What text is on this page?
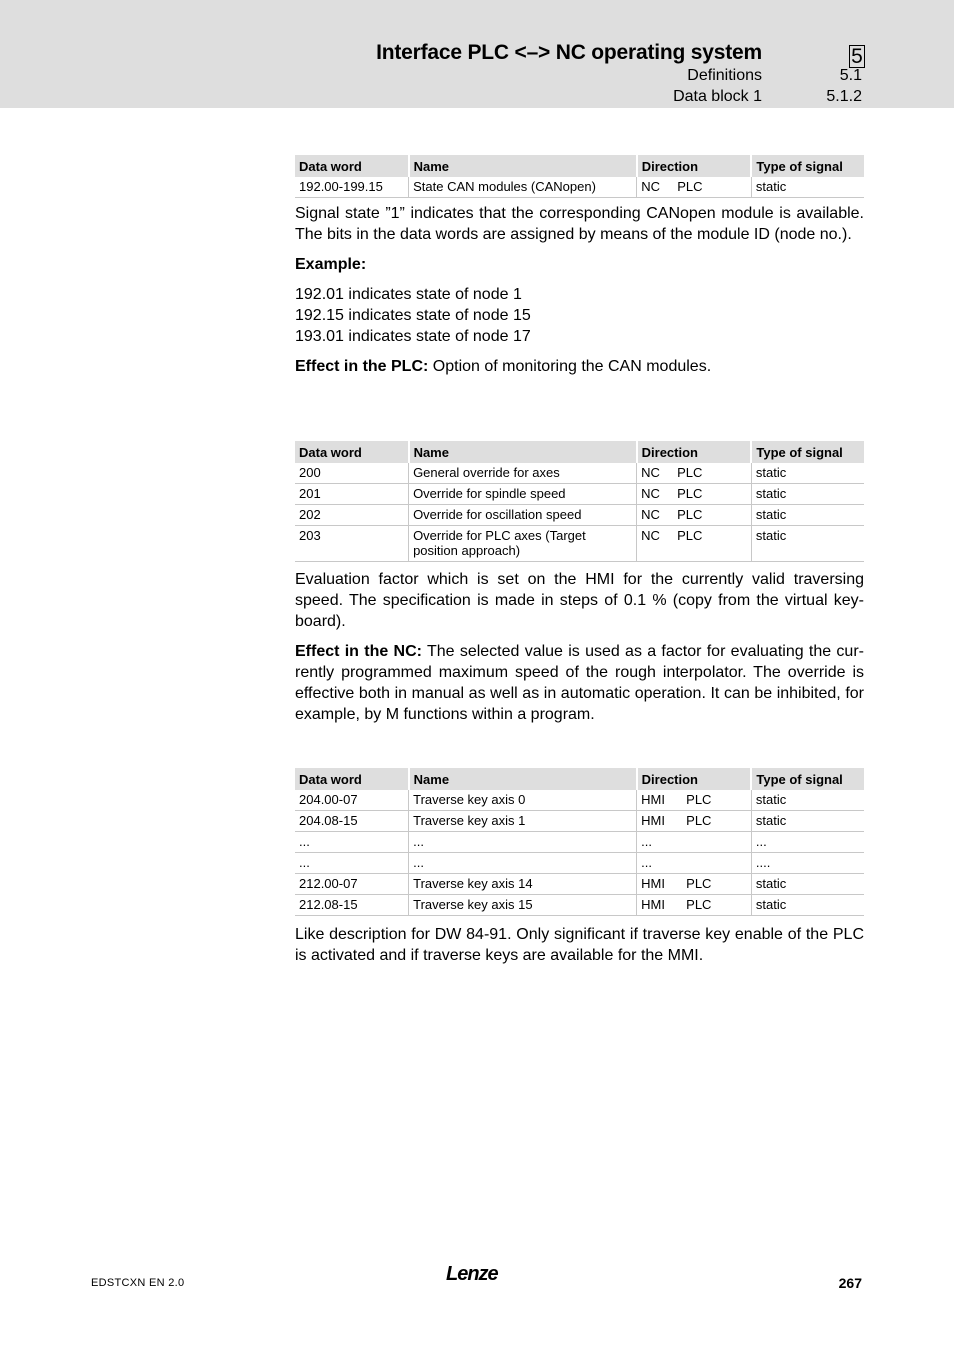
Interface PLC <–> NC operating system	5
Definitions	5.1
Data block 1	5.1.2
Data word	Name	Direction	Type of signal
192.00-199.15	State CAN modules (CANopen)	NC PLC	static

Signal state ”1” indicates that the corresponding CANopen module is available. The bits in the data words are assigned by means of the module ID (node no.).

Example:

192.01 indicates state of node 1

192.15 indicates state of node 15

193.01 indicates state of node 17

Effect in the PLC: Option of monitoring the CAN modules.

Data word	Name	Direction	Type of signal
200	General override for axes	NC PLC	static
201	Override for spindle speed	NC PLC	static
202	Override for oscillation speed	NC PLC	static
203	Override for PLC axes (Target position approach)	NC PLC	static

Evaluation factor which is set on the HMI for the currently valid traversing speed. The specification is made in steps of 0.1 % (copy from the virtual keyboard).

Effect in the NC: The selected value is used as a factor for evaluating the currently programmed maximum speed of the rough interpolator. The override is effective both in manual as well as in automatic operation. It can be inhibited, for example, by M functions within a program.

Data word	Name	Direction	Type of signal
204.00-07	Traverse key axis 0	HMI PLC	static
204.08-15	Traverse key axis 1	HMI PLC	static
...	...	...	...
...	...	...	....
212.00-07	Traverse key axis 14	HMI PLC	static
212.08-15	Traverse key axis 15	HMI PLC	static

Like description for DW 84-91. Only significant if traverse key enable of the PLC is activated and if traverse keys are available for the MMI.

EDSTCXN EN 2.0	Lenze	267
